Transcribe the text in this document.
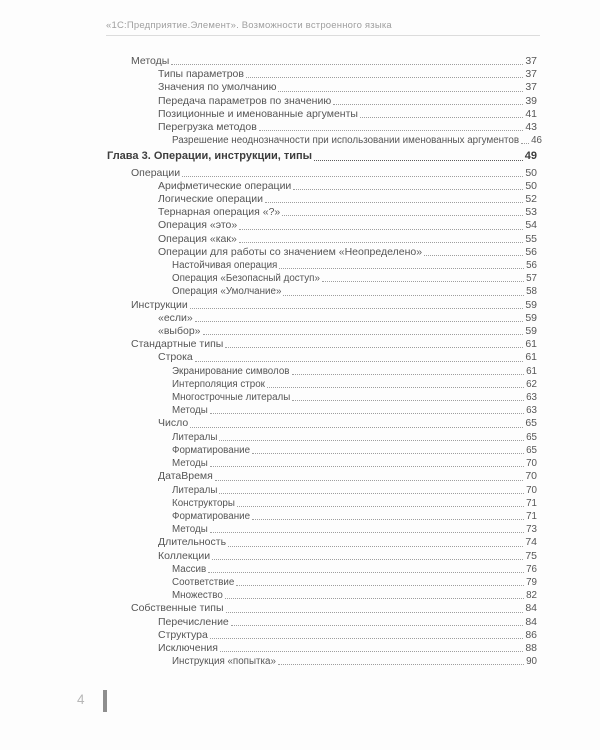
«1С:Предприятие.Элемент». Возможности встроенного языка
Методы	37
Типы параметров	37
Значения по умолчанию	37
Передача параметров по значению	39
Позиционные и именованные аргументы	41
Перегрузка методов	43
Разрешение неоднозначности при использовании именованных аргументов 46
Глава 3. Операции, инструкции, типы	49
Операции	50
Арифметические операции	50
Логические операции	52
Тернарная операция «?»	53
Операция «это»	54
Операция «как»	55
Операции для работы со значением «Неопределено»	56
Настойчивая операция	56
Операция «Безопасный доступ»	57
Операция «Умолчание»	58
Инструкции	59
«если»	59
«выбор»	59
Стандартные типы	61
Строка	61
Экранирование символов	61
Интерполяция строк	62
Многострочные литералы	63
Методы	63
Число	65
Литералы	65
Форматирование	65
Методы	70
ДатаВремя	70
Литералы	70
Конструкторы	71
Форматирование	71
Методы	73
Длительность	74
Коллекции	75
Массив	76
Соответствие	79
Множество	82
Собственные типы	84
Перечисление	84
Структура	86
Исключения	88
Инструкция «попытка»	90
4
